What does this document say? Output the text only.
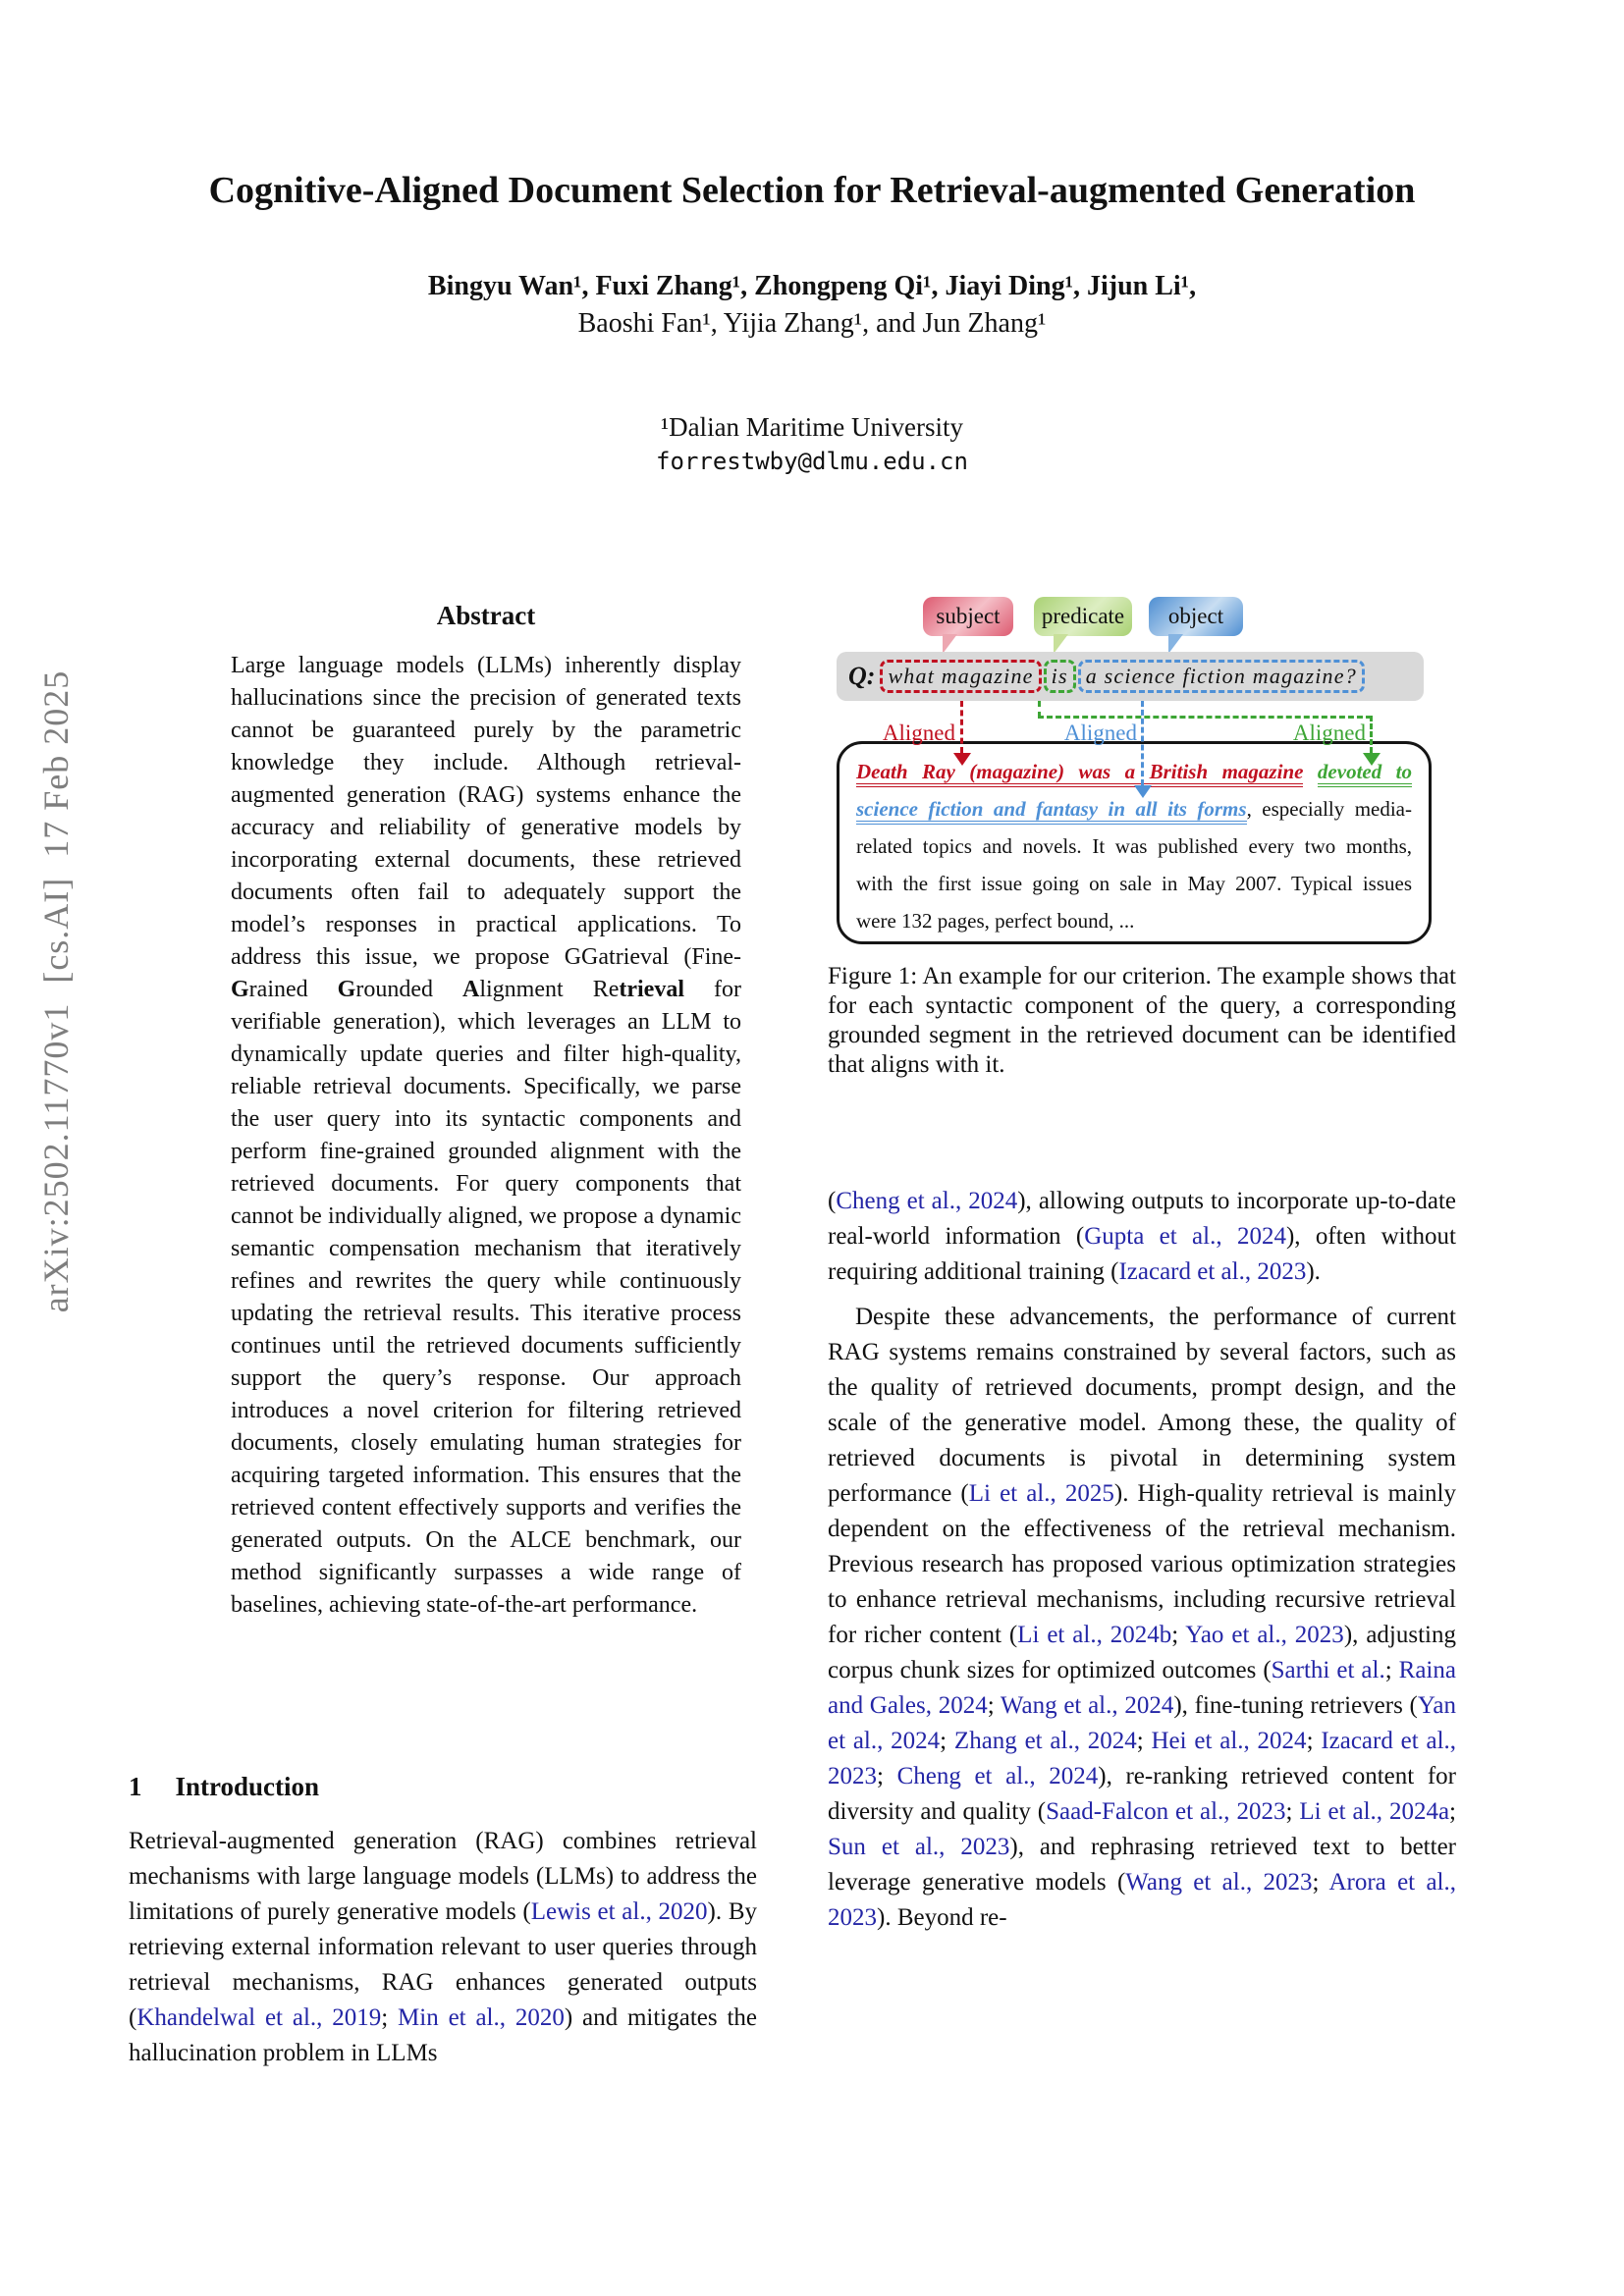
arXiv:2502.11770v1  [cs.AI]  17 Feb 2025
Cognitive-Aligned Document Selection for Retrieval-augmented Generation
Bingyu Wan¹, Fuxi Zhang¹, Zhongpeng Qi¹, Jiayi Ding¹, Jijun Li¹,
Baoshi Fan¹, Yijia Zhang¹, and Jun Zhang¹
¹Dalian Maritime University
forrestwby@dlmu.edu.cn
Abstract
Large language models (LLMs) inherently display hallucinations since the precision of generated texts cannot be guaranteed purely by the parametric knowledge they include. Although retrieval-augmented generation (RAG) systems enhance the accuracy and reliability of generative models by incorporating external documents, these retrieved documents often fail to adequately support the model’s responses in practical applications. To address this issue, we propose GGatrieval (Fine-Grained Grounded Alignment Retrieval for verifiable generation), which leverages an LLM to dynamically update queries and filter high-quality, reliable retrieval documents. Specifically, we parse the user query into its syntactic components and perform fine-grained grounded alignment with the retrieved documents. For query components that cannot be individually aligned, we propose a dynamic semantic compensation mechanism that iteratively refines and rewrites the query while continuously updating the retrieval results. This iterative process continues until the retrieved documents sufficiently support the query’s response. Our approach introduces a novel criterion for filtering retrieved documents, closely emulating human strategies for acquiring targeted information. This ensures that the retrieved content effectively supports and verifies the generated outputs. On the ALCE benchmark, our method significantly surpasses a wide range of baselines, achieving state-of-the-art performance.
1 Introduction
Retrieval-augmented generation (RAG) combines retrieval mechanisms with large language models (LLMs) to address the limitations of purely generative models (Lewis et al., 2020). By retrieving external information relevant to user queries through retrieval mechanisms, RAG enhances generated outputs (Khandelwal et al., 2019; Min et al., 2020) and mitigates the hallucination problem in LLMs
subject	predicate	object
Q: what magazine is a science fiction magazine?
Aligned	Aligned	Aligned
Death Ray (magazine) was a British magazine devoted to
science fiction and fantasy in all its forms, especially media-
related topics and novels. It was published every two months,
with the first issue going on sale in May 2007. Typical issues
were 132 pages, perfect bound, ...
Figure 1: An example for our criterion. The example shows that for each syntactic component of the query, a corresponding grounded segment in the retrieved document can be identified that aligns with it.
(Cheng et al., 2024), allowing outputs to incorporate up-to-date real-world information (Gupta et al., 2024), often without requiring additional training (Izacard et al., 2023).
Despite these advancements, the performance of current RAG systems remains constrained by several factors, such as the quality of retrieved documents, prompt design, and the scale of the generative model. Among these, the quality of retrieved documents is pivotal in determining system performance (Li et al., 2025). High-quality retrieval is mainly dependent on the effectiveness of the retrieval mechanism. Previous research has proposed various optimization strategies to enhance retrieval mechanisms, including recursive retrieval for richer content (Li et al., 2024b; Yao et al., 2023), adjusting corpus chunk sizes for optimized outcomes (Sarthi et al.; Raina and Gales, 2024; Wang et al., 2024), fine-tuning retrievers (Yan et al., 2024; Zhang et al., 2024; Hei et al., 2024; Izacard et al., 2023; Cheng et al., 2024), re-ranking retrieved content for diversity and quality (Saad-Falcon et al., 2023; Li et al., 2024a; Sun et al., 2023), and rephrasing retrieved text to better leverage generative models (Wang et al., 2023; Arora et al., 2023). Beyond re-
